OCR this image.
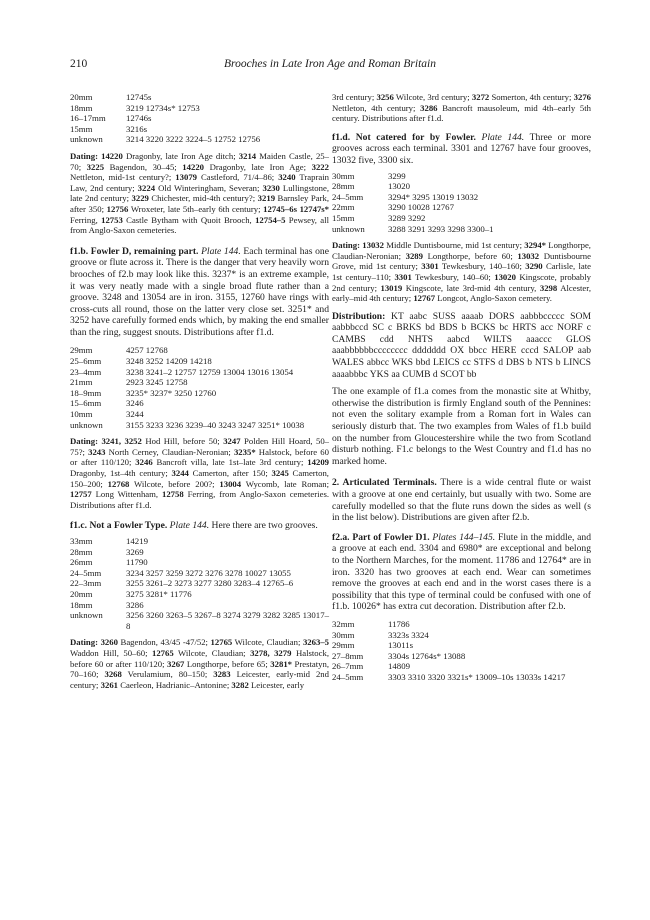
210	Brooches in Late Iron Age and Roman Britain
20mm	12745s
18mm	3219 12734s* 12753
16–17mm	12746s
15mm	3216s
unknown	3214 3220 3222 3224–5 12752 12756

Dating: 14220 Dragonby, late Iron Age ditch; 3214 Maiden Castle, 25–70; 3225 Bagendon, 30–45; 14220 Dragonby, late Iron Age; 3222 Nettleton, mid-1st century?; 13079 Castleford, 71/4–86; 3240 Traprain Law, 2nd century; 3224 Old Winteringham, Severan; 3230 Lullingstone, late 2nd century; 3229 Chichester, mid-4th century?; 3219 Barnsley Park, after 350; 12756 Wroxeter, late 5th–early 6th century; 12745–6s 12747s* Ferring, 12753 Castle Bytham with Quoit Brooch, 12754–5 Pewsey, all from Anglo-Saxon cemeteries.

f1.b. Fowler D, remaining part. Plate 144. Each terminal has one groove or flute across it. There is the danger that very heavily worn brooches of f2.b may look like this. 3237* is an extreme example, it was very neatly made with a single broad flute rather than a groove. 3248 and 13054 are in iron. 3155, 12760 have rings with cross-cuts all round, those on the latter very close set. 3251* and 3252 have carefully formed ends which, by making the end smaller than the ring, suggest snouts. Distributions after f1.d.

29mm	4257 12768
25–6mm	3248 3252 14209 14218
23–4mm	3238 3241–2 12757 12759 13004 13016 13054
21mm	2923 3245 12758
18–9mm	3235* 3237* 3250 12760
15–6mm	3246
10mm	3244
unknown	3155 3233 3236 3239–40 3243 3247 3251* 10038

Dating: 3241, 3252 Hod Hill, before 50; 3247 Polden Hill Hoard, 50–75?; 3243 North Cerney, Claudian-Neronian; 3235* Halstock, before 60 or after 110/120; 3246 Bancroft villa, late 1st–late 3rd century; 14209 Dragonby, 1st–4th century; 3244 Camerton, after 150; 3245 Camerton, 150–200; 12768 Wilcote, before 200?; 13004 Wycomb, late Roman; 12757 Long Wittenham, 12758 Ferring, from Anglo-Saxon cemeteries. Distributions after f1.d.

f1.c. Not a Fowler Type. Plate 144. Here there are two grooves.

33mm	14219
28mm	3269
26mm	11790
24–5mm	3234 3257 3259 3272 3276 3278 10027 13055
22–3mm	3255 3261–2 3273 3277 3280 3283–4 12765–6
20mm	3275 3281* 11776
18mm	3286
unknown	3256 3260 3263–5 3267–8 3274 3279 3282 3285 13017–8

Dating: 3260 Bagendon, 43/45 -47/52; 12765 Wilcote, Claudian; 3263–5 Waddon Hill, 50–60; 12765 Wilcote, Claudian; 3278, 3279 Halstock, before 60 or after 110/120; 3267 Longthorpe, before 65; 3281* Prestatyn, 70–160; 3268 Verulamium, 80–150; 3283 Leicester, early-mid 2nd century; 3261 Caerleon, Hadrianic–Antonine; 3282 Leicester, early

3rd century; 3256 Wilcote, 3rd century; 3272 Somerton, 4th century; 3276 Nettleton, 4th century; 3286 Bancroft mausoleum, mid 4th–early 5th century. Distributions after f1.d.

f1.d. Not catered for by Fowler. Plate 144. Three or more grooves across each terminal. 3301 and 12767 have four grooves, 13032 five, 3300 six.

30mm	3299
28mm	13020
24–5mm	3294* 3295 13019 13032
22mm	3290 10028 12767
15mm	3289 3292
unknown	3288 3291 3293 3298 3300–1

Dating: 13032 Middle Duntisbourne, mid 1st century; 3294* Longthorpe, Claudian-Neronian; 3289 Longthorpe, before 60; 13032 Duntisbourne Grove, mid 1st century; 3301 Tewkesbury, 140–160; 3290 Carlisle, late 1st century–110; 3301 Tewkesbury, 140–60; 13020 Kingscote, probably 2nd century; 13019 Kingscote, late 3rd-mid 4th century, 3298 Alcester, early–mid 4th century; 12767 Longcot, Anglo-Saxon cemetery.

Distribution: KT aabc SUSS aaaab DORS aabbbccccc SOM aabbbccd SC c BRKS bd BDS b BCKS bc HRTS acc NORF c CAMBS cdd NHTS aabcd WILTS aaaccc GLOS aaabbbbbbcccccccc ddddddd OX bbcc HERE cccd SALOP aab WALES abbcc WKS bbd LEICS cc STFS d DBS b NTS b LINCS aaaabbbc YKS aa CUMB d SCOT bb

The one example of f1.a comes from the monastic site at Whitby, otherwise the distribution is firmly England south of the Pennines: not even the solitary example from a Roman fort in Wales can seriously disturb that. The two examples from Wales of f1.b build on the number from Gloucestershire while the two from Scotland disturb nothing. F1.c belongs to the West Country and f1.d has no marked home.

2. Articulated Terminals. There is a wide central flute or waist with a groove at one end certainly, but usually with two. Some are carefully modelled so that the flute runs down the sides as well (s in the list below). Distributions are given after f2.b.

f2.a. Part of Fowler D1. Plates 144–145. Flute in the middle, and a groove at each end. 3304 and 6980* are exceptional and belong to the Northern Marches, for the moment. 11786 and 12764* are in iron. 3320 has two grooves at each end. Wear can sometimes remove the grooves at each end and in the worst cases there is a possibility that this type of terminal could be confused with one of f1.b. 10026* has extra cut decoration. Distribution after f2.b.

32mm	11786
30mm	3323s 3324
29mm	13011s
27–8mm	3304s 12764s* 13088
26–7mm	14809
24–5mm	3303 3310 3320 3321s* 13009–10s 13033s 14217
